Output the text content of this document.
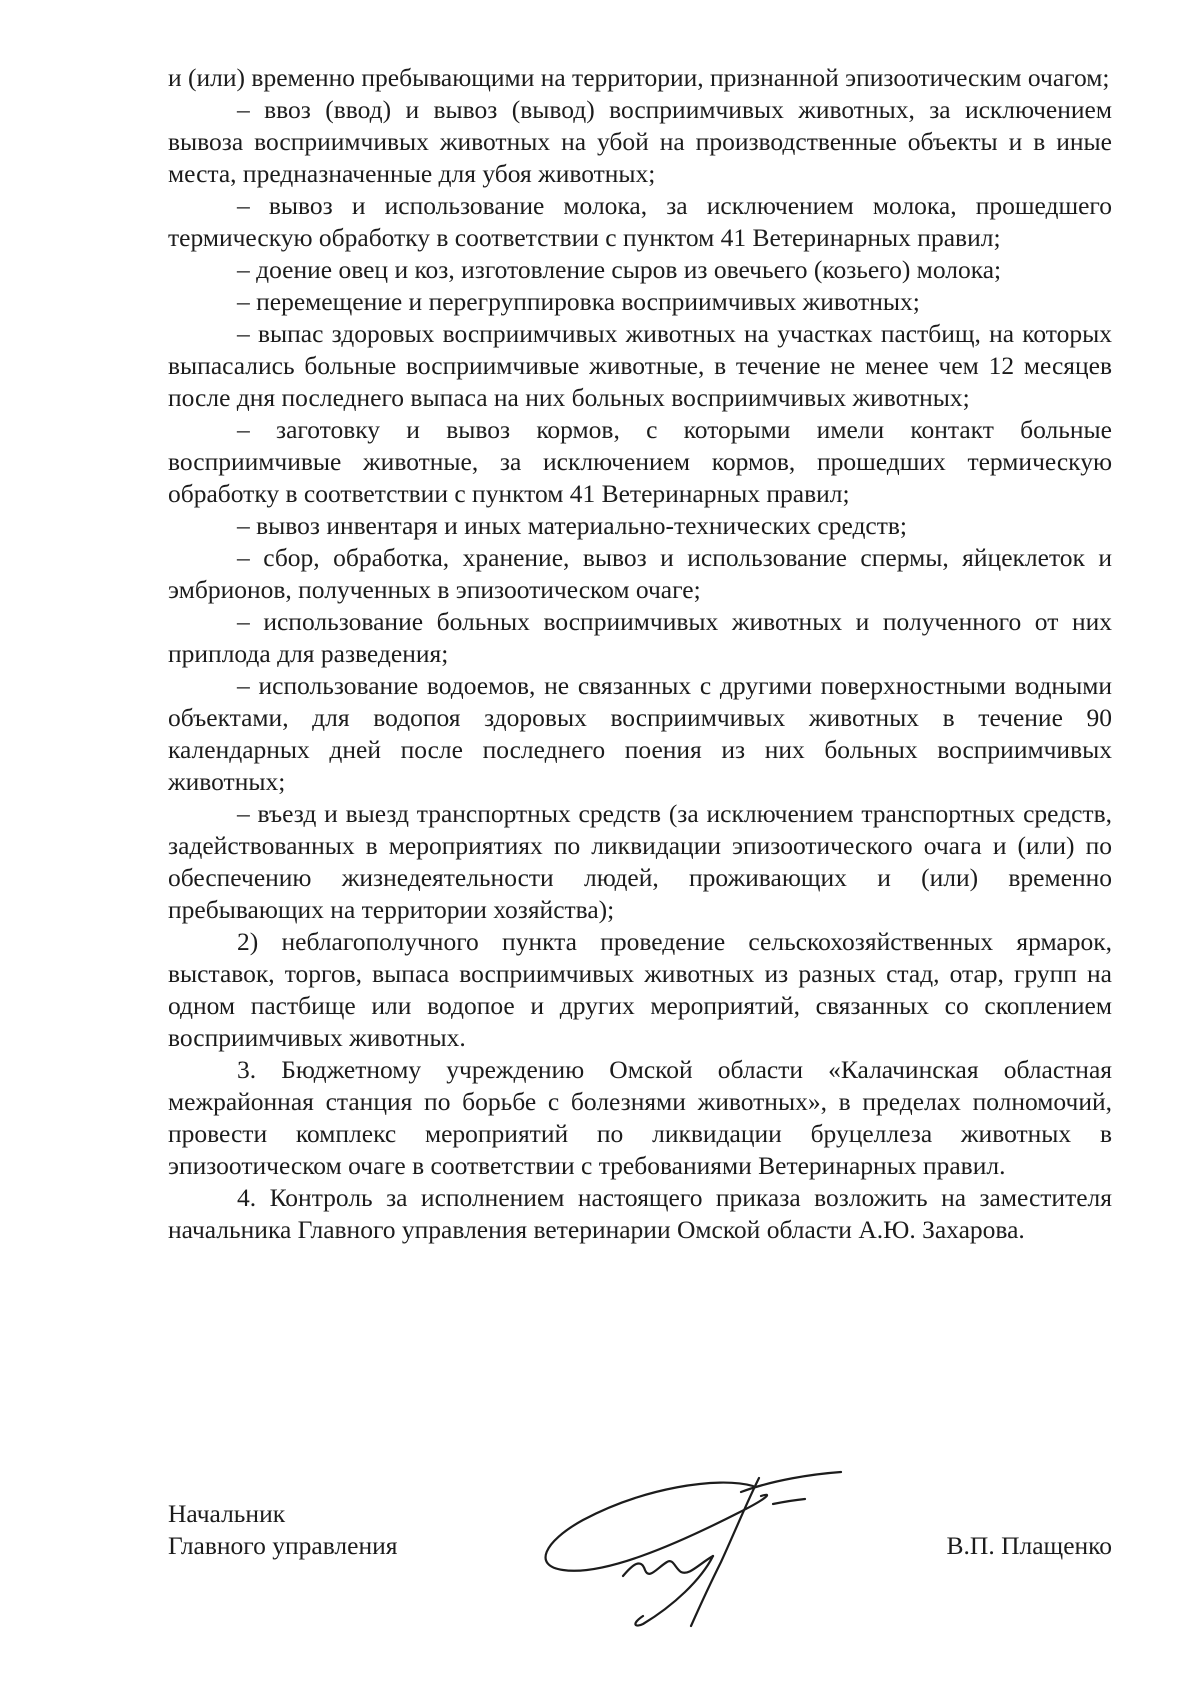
и (или) временно пребывающими на территории, признанной эпизоотическим очагом;

– ввоз (ввод) и вывоз (вывод) восприимчивых животных, за исключением вывоза восприимчивых животных на убой на производственные объекты и в иные места, предназначенные для убоя животных;

– вывоз и использование молока, за исключением молока, прошедшего термическую обработку в соответствии с пунктом 41 Ветеринарных правил;

– доение овец и коз, изготовление сыров из овечьего (козьего) молока;

– перемещение и перегруппировка восприимчивых животных;

– выпас здоровых восприимчивых животных на участках пастбищ, на которых выпасались больные восприимчивые животные, в течение не менее чем 12 месяцев после дня последнего выпаса на них больных восприимчивых животных;

– заготовку и вывоз кормов, с которыми имели контакт больные восприимчивые животные, за исключением кормов, прошедших термическую обработку в соответствии с пунктом 41 Ветеринарных правил;

– вывоз инвентаря и иных материально-технических средств;

– сбор, обработка, хранение, вывоз и использование спермы, яйцеклеток и эмбрионов, полученных в эпизоотическом очаге;

– использование больных восприимчивых животных и полученного от них приплода для разведения;

– использование водоемов, не связанных с другими поверхностными водными объектами, для водопоя здоровых восприимчивых животных в течение 90 календарных дней после последнего поения из них больных восприимчивых животных;

– въезд и выезд транспортных средств (за исключением транспортных средств, задействованных в мероприятиях по ликвидации эпизоотического очага и (или) по обеспечению жизнедеятельности людей, проживающих и (или) временно пребывающих на территории хозяйства);

2) неблагополучного пункта проведение сельскохозяйственных ярмарок, выставок, торгов, выпаса восприимчивых животных из разных стад, отар, групп на одном пастбище или водопое и других мероприятий, связанных со скоплением восприимчивых животных.

3. Бюджетному учреждению Омской области «Калачинская областная межрайонная станция по борьбе с болезнями животных», в пределах полномочий, провести комплекс мероприятий по ликвидации бруцеллеза животных в эпизоотическом очаге в соответствии с требованиями Ветеринарных правил.

4. Контроль за исполнением настоящего приказа возложить на заместителя начальника Главного управления ветеринарии Омской области А.Ю. Захарова.

Начальник
Главного управления	В.П. Плащенко
